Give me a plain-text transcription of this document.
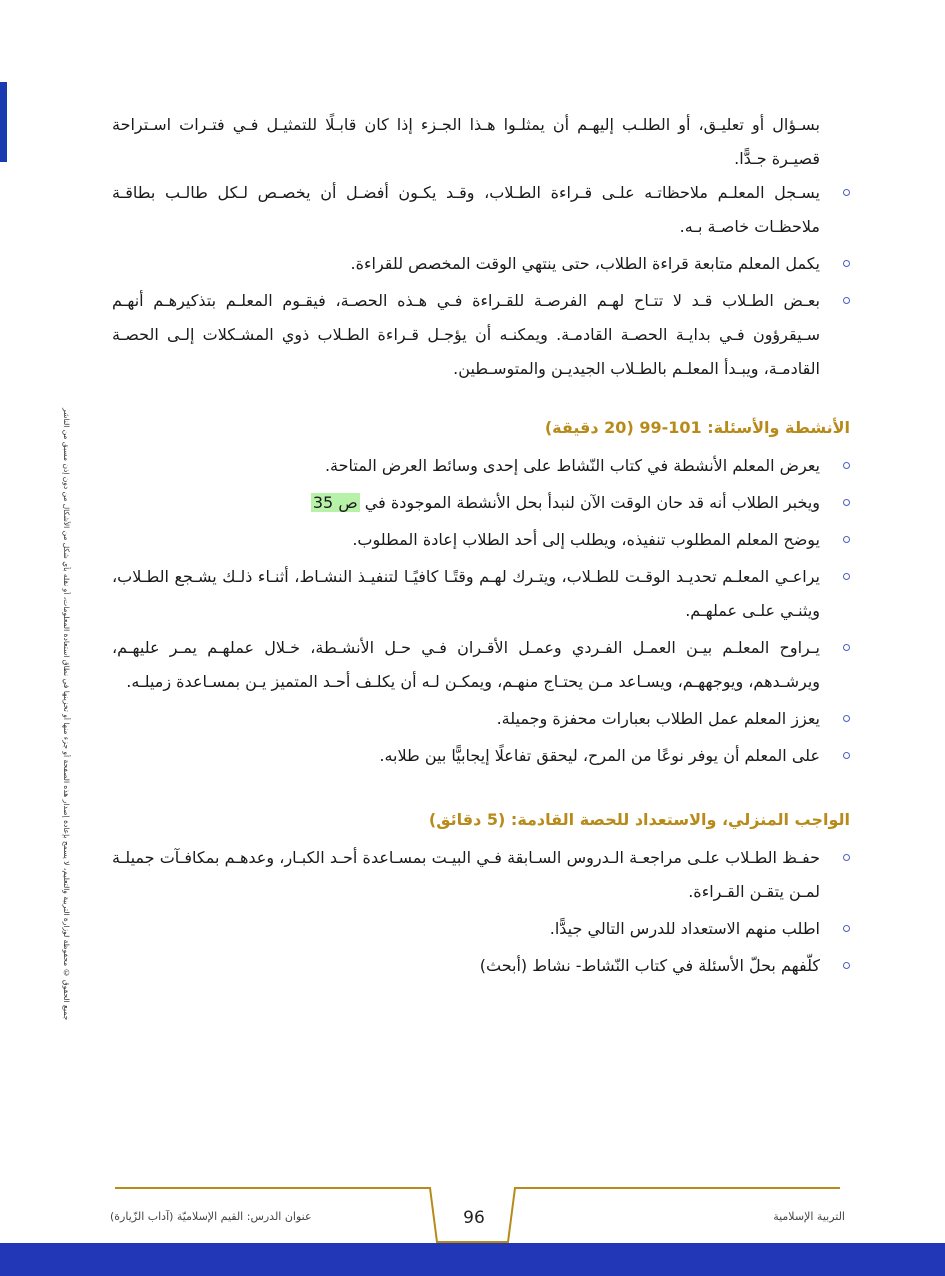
جميع الحقوق © محفوظة لوزارة التربية والتعليم، لا يسمح بإعادة إصدار هذه الصفحة أو جزء منها أو تخزينها في نطاق استعادة المعلومات، أو نقله بأي شكل من الأشكال من دون إذن مسبق من الناشر

بسـؤال أو تعليـق، أو الطلـب إليهـم أن يمثلـوا هـذا الجـزء إذا كان قابـلًا للتمثيـل فـي فتـرات اسـتراحة قصيـرة جـدًّا.

يسـجل المعلـم ملاحظاتـه علـى قـراءة الطـلاب، وقـد يكـون أفضـل أن يخصـص لـكل طالـب بطاقـة ملاحظـات خاصـة بـه.
يكمل المعلم متابعة قراءة الطلاب، حتى ينتهي الوقت المخصص للقراءة.
بعـض الطـلاب قـد لا تتـاح لهـم الفرصـة للقـراءة فـي هـذه الحصـة، فيقـوم المعلـم بتذكيرهـم أنهـم سـيقرؤون فـي بدايـة الحصـة القادمـة. ويمكنـه أن يؤجـل قـراءة الطـلاب ذوي المشـكلات إلـى الحصـة القادمـة، ويبـدأ المعلـم بالطـلاب الجيديـن والمتوسـطين.
الأنشطة والأسئلة: 101-99 (20 دقيقة)
يعرض المعلم الأنشطة في كتاب النّشاط على إحدى وسائط العرض المتاحة.
ويخبر الطلاب أنه قد حان الوقت الآن لنبدأ بحل الأنشطة الموجودة في ص 35
يوضح المعلم المطلوب تنفيذه، ويطلب إلى أحد الطلاب إعادة المطلوب.
يراعـي المعلـم تحديـد الوقـت للطـلاب، ويتـرك لهـم وقتًـا كافيًـا لتنفيـذ النشـاط، أثنـاء ذلـك يشـجع الطـلاب، ويثنـي علـى عملهـم.
يـراوح المعلـم بيـن العمـل الفـردي وعمـل الأقـران فـي حـل الأنشـطة، خـلال عملهـم يمـر عليهـم، ويرشـدهم، ويوجههـم، ويسـاعد مـن يحتـاج منهـم، ويمكـن لـه أن يكلـف أحـد المتميز يـن بمسـاعدة زميلـه.
يعزز المعلم عمل الطلاب بعبارات محفزة وجميلة.
على المعلم أن يوفر نوعًا من المرح، ليحقق تفاعلًا إيجابيًّا بين طلابه.
الواجب المنزلي، والاستعداد للحصة القادمة: (5 دقائق)
حفـظ الطـلاب علـى مراجعـة الـدروس السـابقة فـي البيـت بمسـاعدة أحـد الكبـار، وعدهـم بمكافـآت جميلـة لمـن يتقـن القـراءة.
اطلب منهم الاستعداد للدرس التالي جيدًّا.
كلّفهم بحلّ الأسئلة في كتاب النّشاط- نشاط (أبحث)
التربية الإسلامية
96
عنوان الدرس: القيم الإسلاميّة (آداب الزّيارة)
